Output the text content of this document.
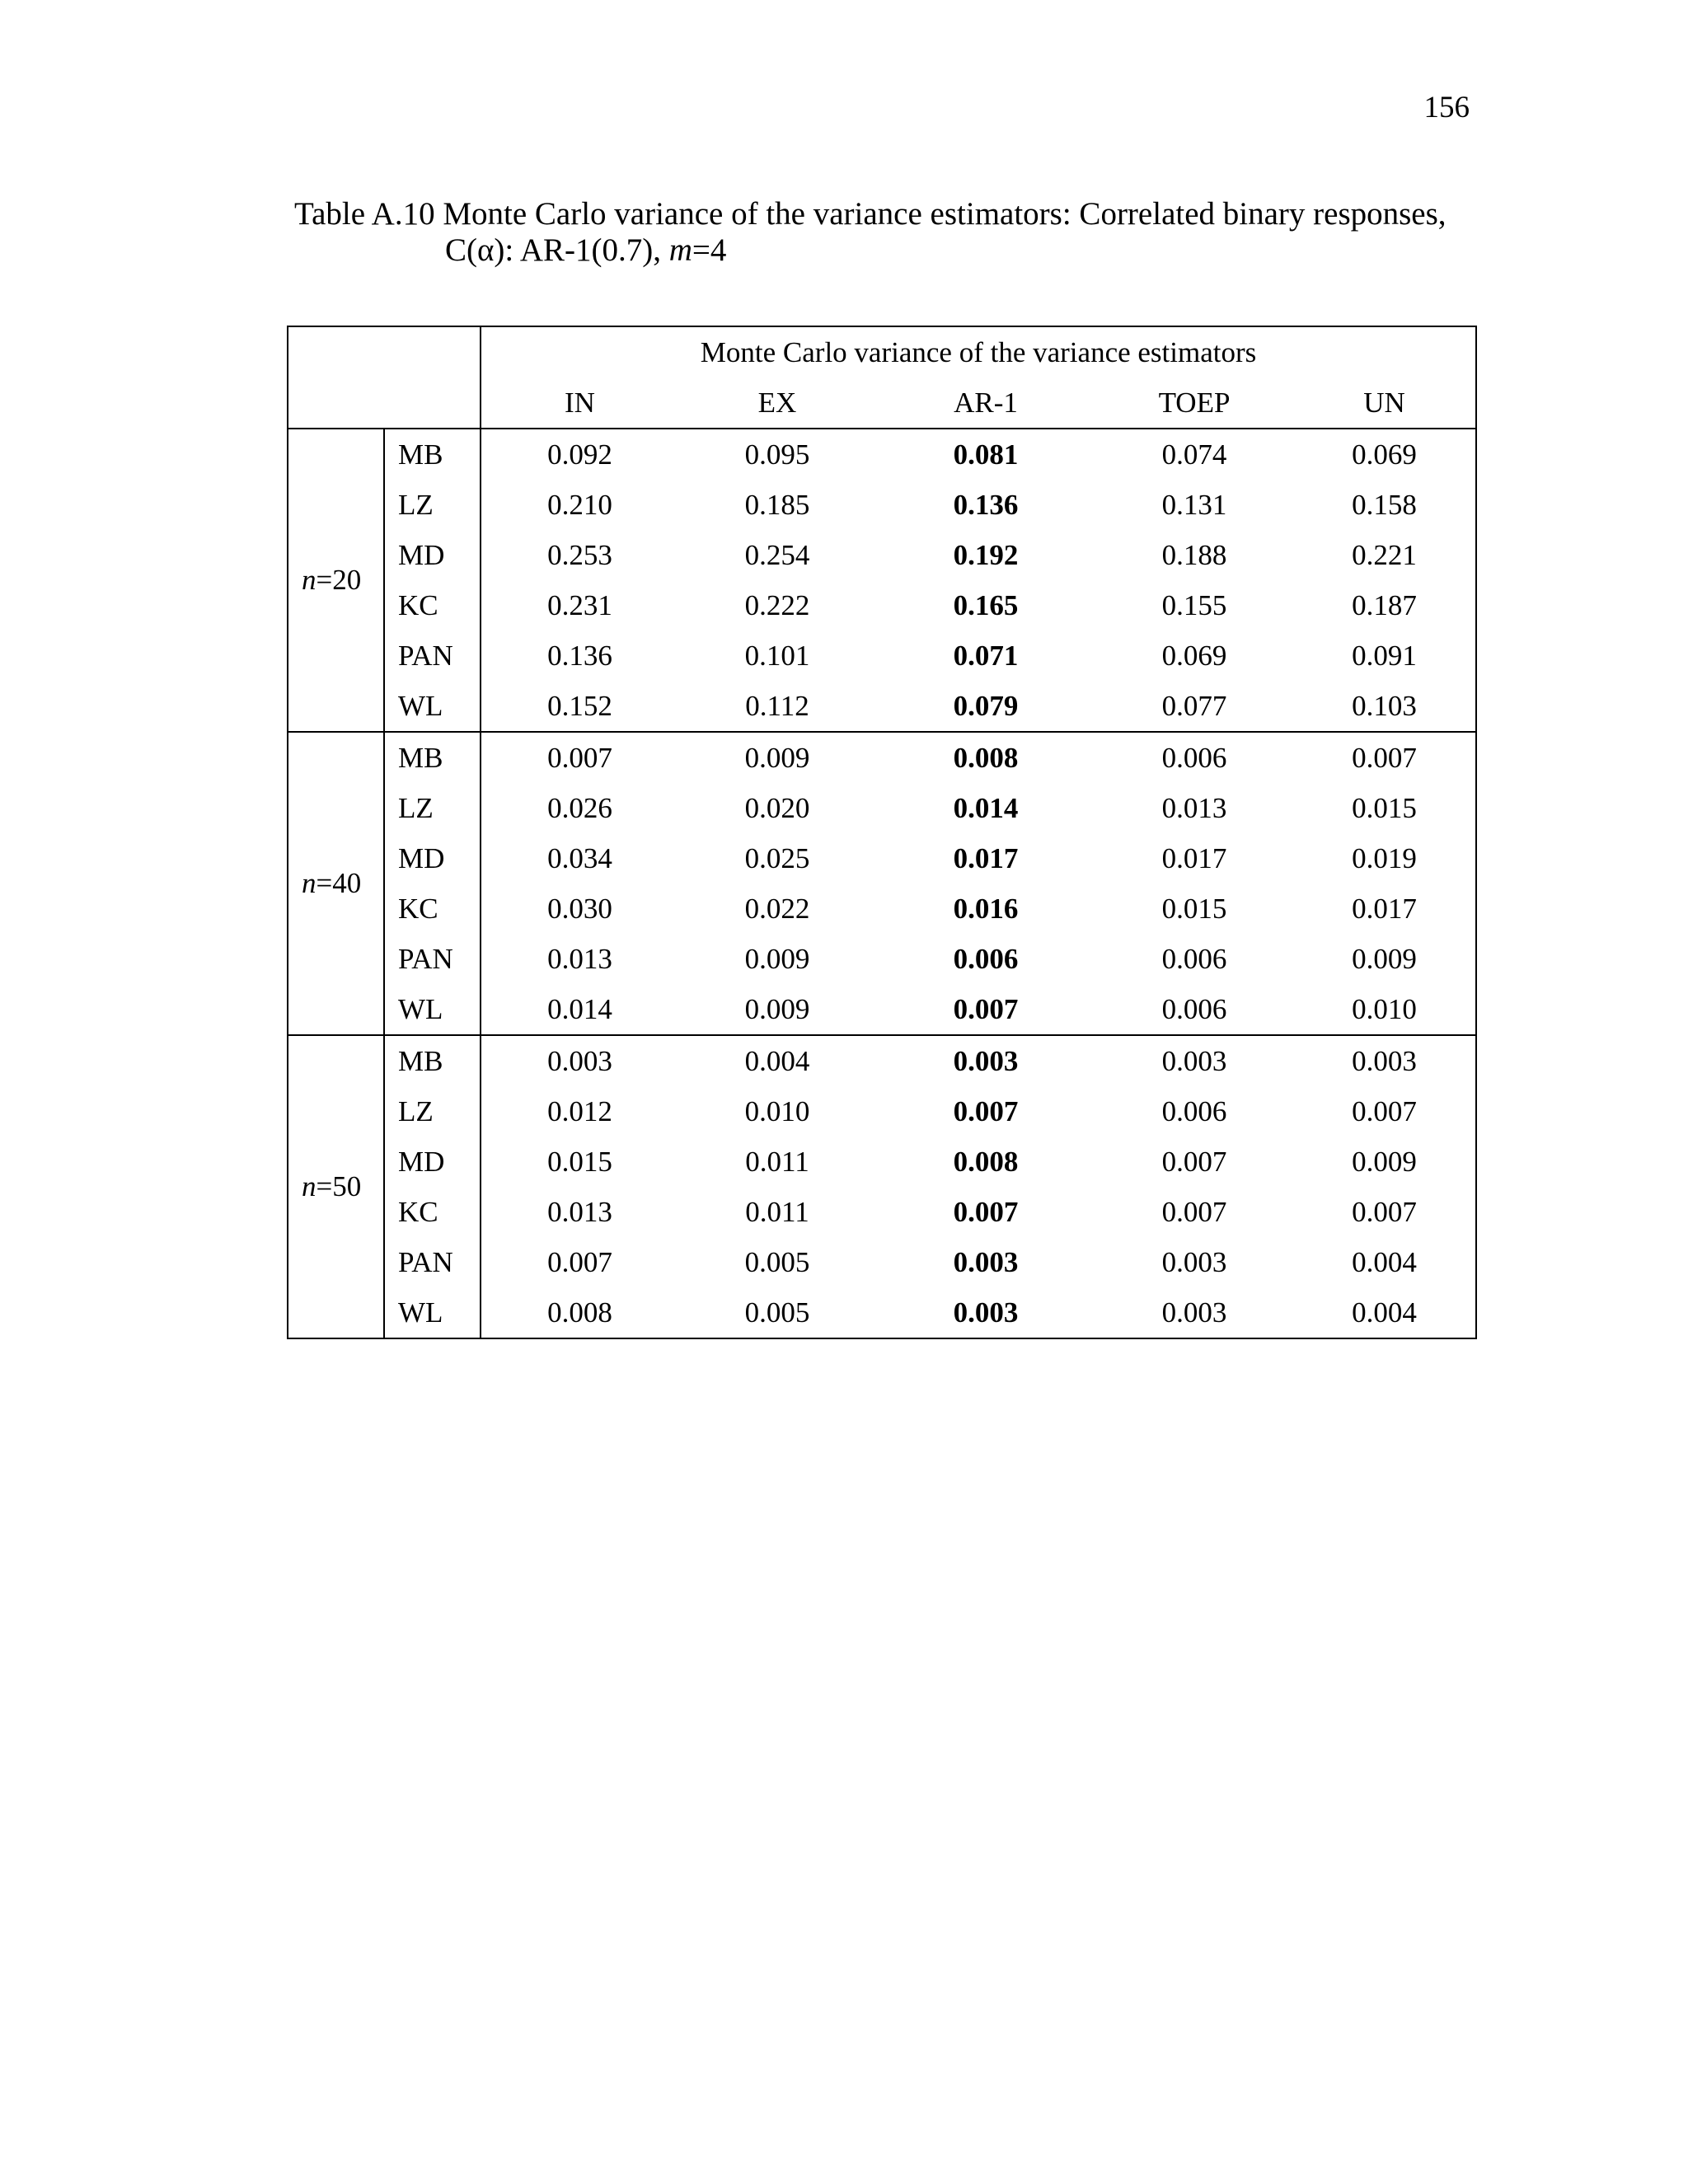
156
Table A.10 Monte Carlo variance of the variance estimators: Correlated binary responses,
C(α): AR-1(0.7), m=4
		Monte Carlo variance of the variance estimators				
		IN	EX	AR-1	TOEP	UN
n=20	MB	0.092	0.095	0.081	0.074	0.069
	LZ	0.210	0.185	0.136	0.131	0.158
	MD	0.253	0.254	0.192	0.188	0.221
	KC	0.231	0.222	0.165	0.155	0.187
	PAN	0.136	0.101	0.071	0.069	0.091
	WL	0.152	0.112	0.079	0.077	0.103
n=40	MB	0.007	0.009	0.008	0.006	0.007
	LZ	0.026	0.020	0.014	0.013	0.015
	MD	0.034	0.025	0.017	0.017	0.019
	KC	0.030	0.022	0.016	0.015	0.017
	PAN	0.013	0.009	0.006	0.006	0.009
	WL	0.014	0.009	0.007	0.006	0.010
n=50	MB	0.003	0.004	0.003	0.003	0.003
	LZ	0.012	0.010	0.007	0.006	0.007
	MD	0.015	0.011	0.008	0.007	0.009
	KC	0.013	0.011	0.007	0.007	0.007
	PAN	0.007	0.005	0.003	0.003	0.004
	WL	0.008	0.005	0.003	0.003	0.004
